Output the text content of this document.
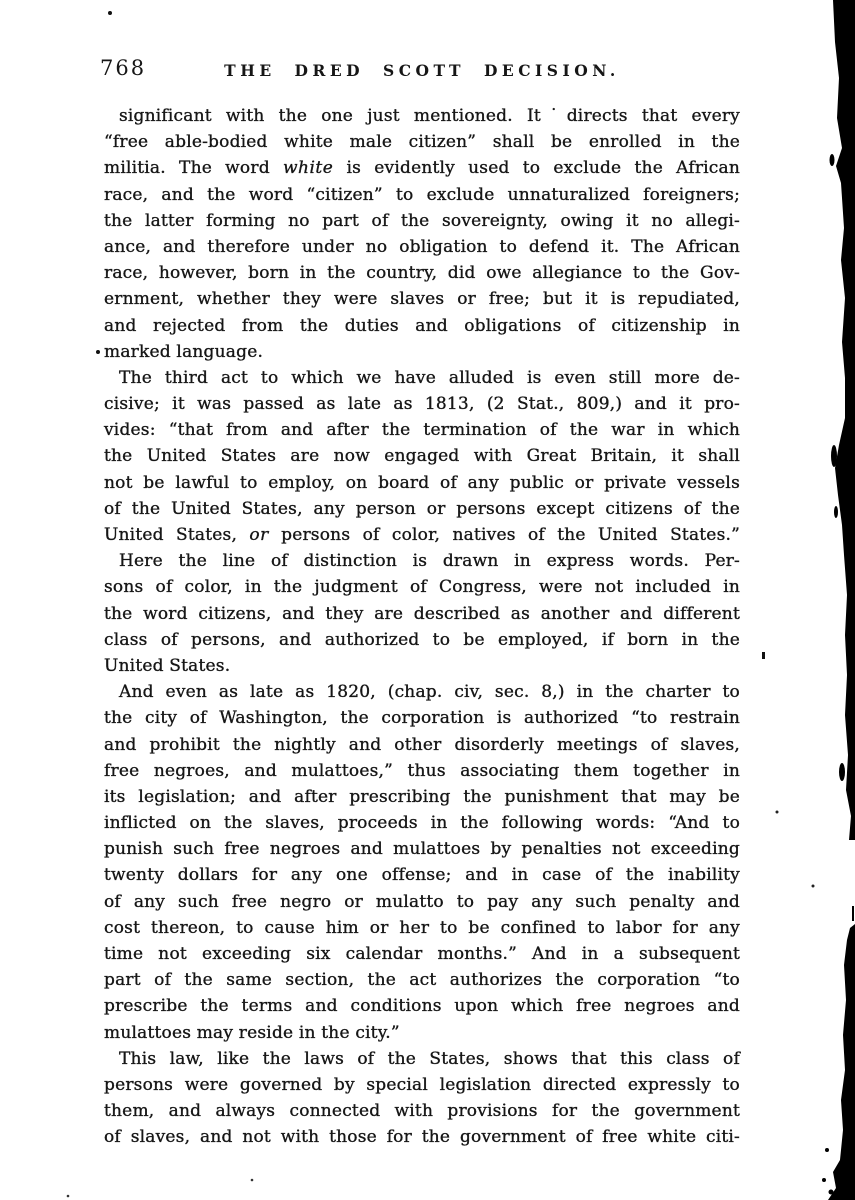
768	THE DRED SCOTT DECISION.
significant with the one just mentioned. It˙directs that every
“free able-bodied white male citizen” shall be enrolled in the
militia. The word white is evidently used to exclude the African
race, and the word “citizen” to exclude unnaturalized foreigners;
the latter forming no part of the sovereignty, owing it no allegi-
ance, and therefore under no obligation to defend it. The African
race, however, born in the country, did owe allegiance to the Gov-
ernment, whether they were slaves or free; but it is repudiated,
and rejected from the duties and obligations of citizenship in
marked language.
The third act to which we have alluded is even still more de-
cisive; it was passed as late as 1813, (2 Stat., 809,) and it pro-
vides: “that from and after the termination of the war in which
the United States are now engaged with Great Britain, it shall
not be lawful to employ, on board of any public or private vessels
of the United States, any person or persons except citizens of the
United States, or persons of color, natives of the United States.”
Here the line of distinction is drawn in express words. Per-
sons of color, in the judgment of Congress, were not included in
the word citizens, and they are described as another and different
class of persons, and authorized to be employed, if born in the
United States.
And even as late as 1820, (chap. civ, sec. 8,) in the charter to
the city of Washington, the corporation is authorized “to restrain
and prohibit the nightly and other disorderly meetings of slaves,
free negroes, and mulattoes,” thus associating them together in
its legislation; and after prescribing the punishment that may be
inflicted on the slaves, proceeds in the following words: “And to
punish such free negroes and mulattoes by penalties not exceeding
twenty dollars for any one offense; and in case of the inability
of any such free negro or mulatto to pay any such penalty and
cost thereon, to cause him or her to be confined to labor for any
time not exceeding six calendar months.” And in a subsequent
part of the same section, the act authorizes the corporation “to
prescribe the terms and conditions upon which free negroes and
mulattoes may reside in the city.”
This law, like the laws of the States, shows that this class of
persons were governed by special legislation directed expressly to
them, and always connected with provisions for the government
of slaves, and not with those for the government of free white citi-
